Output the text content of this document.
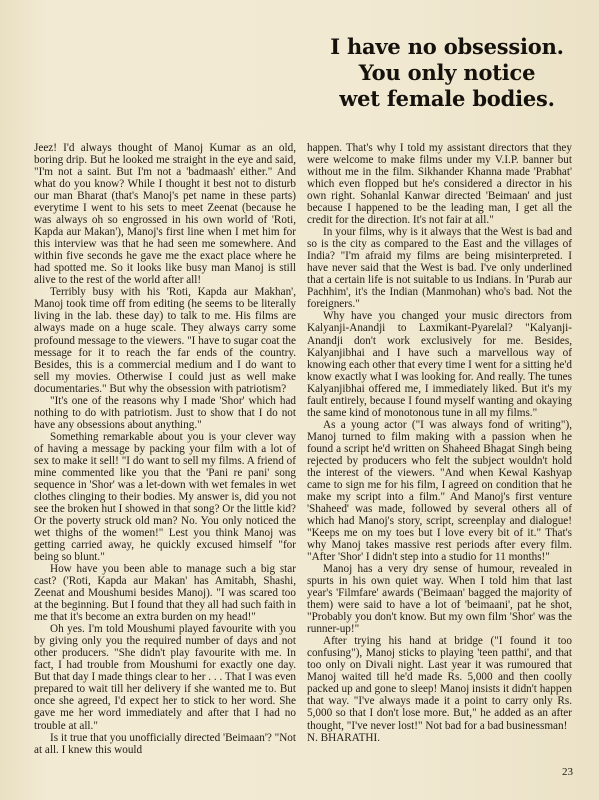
I have no obsession.
You only notice
wet female bodies.

Jeez! I'd always thought of Manoj Kumar as an old, boring drip. But he looked me straight in the eye and said, "I'm not a saint. But I'm not a 'badmaash' either." And what do you know? While I thought it best not to disturb our man Bharat (that's Manoj's pet name in these parts) everytime I went to his sets to meet Zeenat (because he was always oh so engrossed in his own world of 'Roti, Kapda aur Makan'), Manoj's first line when I met him for this interview was that he had seen me somewhere. And within five seconds he gave me the exact place where he had spotted me. So it looks like busy man Manoj is still alive to the rest of the world after all!

Terribly busy with his 'Roti, Kapda aur Makhan', Manoj took time off from editing (he seems to be literally living in the lab. these day) to talk to me. His films are always made on a huge scale. They always carry some profound message to the viewers. "I have to sugar coat the message for it to reach the far ends of the country. Besides, this is a commercial medium and I do want to sell my movies. Otherwise I could just as well make documentaries." But why the obsession with patriotism?

"It's one of the reasons why I made 'Shor' which had nothing to do with patriotism. Just to show that I do not have any obsessions about anything."

Something remarkable about you is your clever way of having a message by packing your film with a lot of sex to make it sell! "I do want to sell my films. A friend of mine commented like you that the 'Pani re pani' song sequence in 'Shor' was a let-down with wet females in wet clothes clinging to their bodies. My answer is, did you not see the broken hut I showed in that song? Or the little kid? Or the poverty struck old man? No. You only noticed the wet thighs of the women!" Lest you think Manoj was getting carried away, he quickly excused himself "for being so blunt."

How have you been able to manage such a big star cast? ('Roti, Kapda aur Makan' has Amitabh, Shashi, Zeenat and Moushumi besides Manoj). "I was scared too at the beginning. But I found that they all had such faith in me that it's become an extra burden on my head!"

Oh yes. I'm told Moushumi played favourite with you by giving only you the required number of days and not other producers. "She didn't play favourite with me. In fact, I had trouble from Moushumi for exactly one day. But that day I made things clear to her . . . That I was even prepared to wait till her delivery if she wanted me to. But once she agreed, I'd expect her to stick to her word. She gave me her word immediately and after that I had no trouble at all."

Is it true that you unofficially directed 'Beimaan'? "Not at all. I knew this would

happen. That's why I told my assistant directors that they were welcome to make films under my V.I.P. banner but without me in the film. Sikhander Khanna made 'Prabhat' which even flopped but he's considered a director in his own right. Sohanlal Kanwar directed 'Beimaan' and just because I happened to be the leading man, I get all the credit for the direction. It's not fair at all."

In your films, why is it always that the West is bad and so is the city as compared to the East and the villages of India? "I'm afraid my films are being misinterpreted. I have never said that the West is bad. I've only underlined that a certain life is not suitable to us Indians. In 'Purab aur Pachhim', it's the Indian (Manmohan) who's bad. Not the foreigners."

Why have you changed your music directors from Kalyanji-Anandji to Laxmikant-Pyarelal? "Kalyanji-Anandji don't work exclusively for me. Besides, Kalyanjibhai and I have such a marvellous way of knowing each other that every time I went for a sitting he'd know exactly what I was looking for. And really. The tunes Kalyanjibhai offered me, I immediately liked. But it's my fault entirely, because I found myself wanting and okaying the same kind of monotonous tune in all my films."

As a young actor ("I was always fond of writing"), Manoj turned to film making with a passion when he found a script he'd written on Shaheed Bhagat Singh being rejected by producers who felt the subject wouldn't hold the interest of the viewers. "And when Kewal Kashyap came to sign me for his film, I agreed on condition that he make my script into a film." And Manoj's first venture 'Shaheed' was made, followed by several others all of which had Manoj's story, script, screenplay and dialogue! "Keeps me on my toes but I love every bit of it." That's why Manoj takes massive rest periods after every film. "After 'Shor' I didn't step into a studio for 11 months!"

Manoj has a very dry sense of humour, revealed in spurts in his own quiet way. When I told him that last year's 'Filmfare' awards ('Beimaan' bagged the majority of them) were said to have a lot of 'beimaani', pat he shot, "Probably you don't know. But my own film 'Shor' was the runner-up!"

After trying his hand at bridge ("I found it too confusing"), Manoj sticks to playing 'teen patthi', and that too only on Divali night. Last year it was rumoured that Manoj waited till he'd made Rs. 5,000 and then coolly packed up and gone to sleep! Manoj insists it didn't happen that way. "I've always made it a point to carry only Rs. 5,000 so that I don't lose more. But," he added as an after thought, "I've never lost!" Not bad for a bad businessman!

N. BHARATHI.

23
